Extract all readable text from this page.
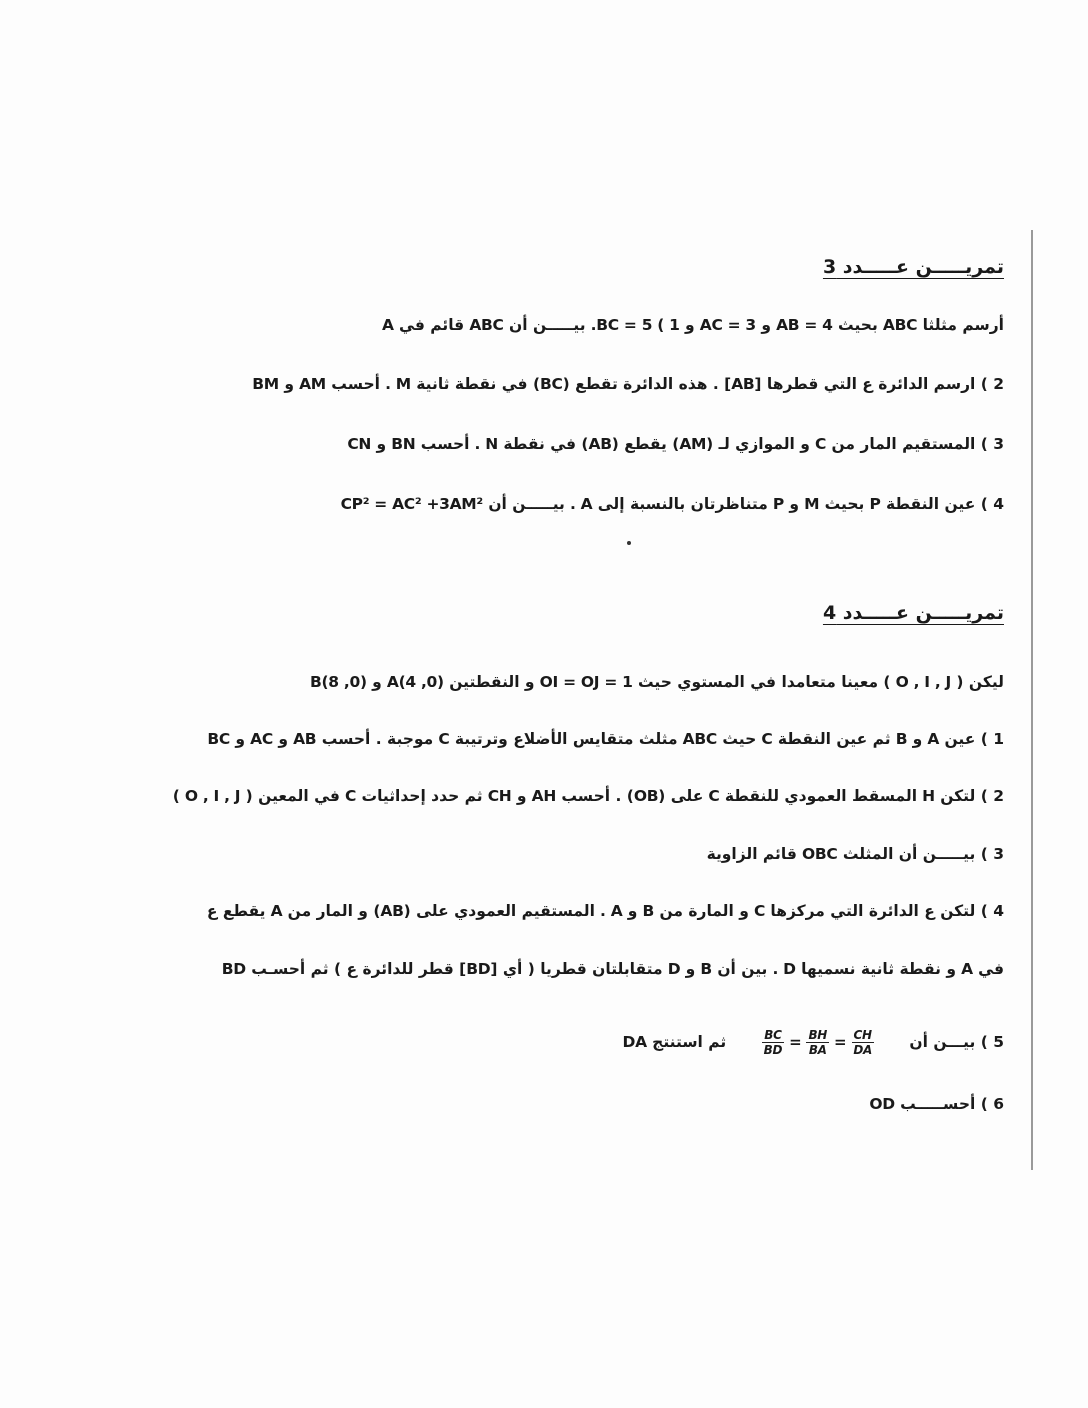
تمريـــــن عـــــدد 3
أرسم مثلثا ABC بحيث AB = 4 و AC = 3 و BC = 5 ( 1. بيـــــن أن ABC قائم في A
2 ) ارسم الدائرة ع التي قطرها [AB] . هذه الدائرة تقطع (BC) في نقطة ثانية M . أحسب AM و BM
3 ) المستقيم المار من C و الموازي لـ (AM) يقطع (AB) في نقطة N . أحسب BN و CN
4 ) عين النقطة P بحيث M و P متناظرتان بالنسبة إلى A . بيـــــن أن CP² = AC² +3AM²
تمريـــــن عـــــدد 4
ليكن ( O , I , J ) معينا متعامدا في المستوي حيث OI = OJ = 1 و النقطتين A(4 ,0) و B(8 ,0)
1 ) عين A و B ثم عين النقطة C حيث ABC مثلث متقايس الأضلاع وترتيبة C موجبة . أحسب AB و AC و BC
2 ) لتكن H المسقط العمودي للنقطة C على (OB) . أحسب AH و CH ثم حدد إحداثيات C في المعين ( O , I , J )
3 ) بيـــــن أن المثلث OBC قائم الزاوية
4 ) لتكن ع الدائرة التي مركزها C و المارة من B و A . المستقيم العمودي على (AB) و المار من A يقطع ع
في A و نقطة ثانية نسميها D . بين أن B و D متقابلتان قطريا ( أي [BD] قطر للدائرة ع ) ثم أحسـب BD
5 ) بيـــن أن
$\frac{BC}{BD} = \frac{BH}{BA} = \frac{CH}{DA}$
ثم استنتج DA
6 ) أحســـــب OD
